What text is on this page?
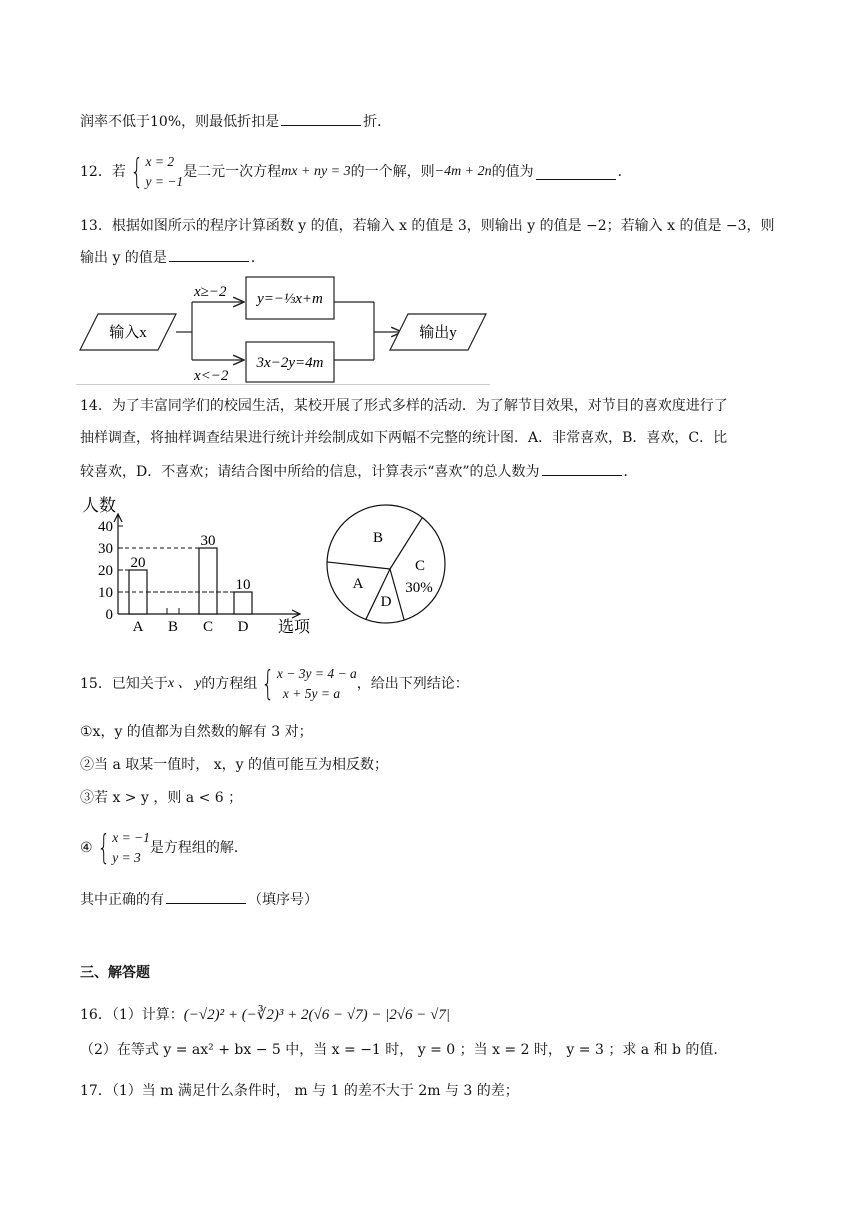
润率不低于10%，则最低折扣是	折．
12．若 { x = 2
y = −1
是二元一次方程 mx + ny = 3 的一个解，则 −4m + 2n 的值为	．
13．根据如图所示的程序计算函数 y 的值，若输入 x 的值是 3，则输出 y 的值是 −2；若输入 x 的值是 −3，则
输出 y 的值是	．
输入x
x≥−2
x<−2
y=−⅓x+m
3x−2y=4m
输出y
14．为了丰富同学们的校园生活，某校开展了形式多样的活动．为了解节目效果，对节目的喜欢度进行了
抽样调查，将抽样调查结果进行统计并绘制成如下两幅不完整的统计图．A．非常喜欢，B．喜欢，C．比
较喜欢，D．不喜欢；请结合图中所给的信息，计算表示“喜欢”的总人数为	．
人数
选项
0
10
20
30
40
20
A B
30
C
10
D
B
A
D
C
30%
15．已知关于 x 、 y 的方程组 { x − 3y = 4 − a
x + 5y = a
，给出下列结论：
①x，y 的值都为自然数的解有 3 对；
②当 a 取某一值时， x，y 的值可能互为相反数；
③若 x > y ，则 a < 6 ；
④ { x = −1
y = 3
是方程组的解．
其中正确的有	（填序号）
三、解答题
16．（1）计算： (−√2)² + (−∛2)³ + 2(√6 − √7) − |2√6 − √7|
（2）在等式 y = ax² + bx − 5 中，当 x = −1 时， y = 0 ；当 x = 2 时， y = 3 ；求 a 和 b 的值．
17．（1）当 m 满足什么条件时， m 与 1 的差不大于 2m 与 3 的差；
